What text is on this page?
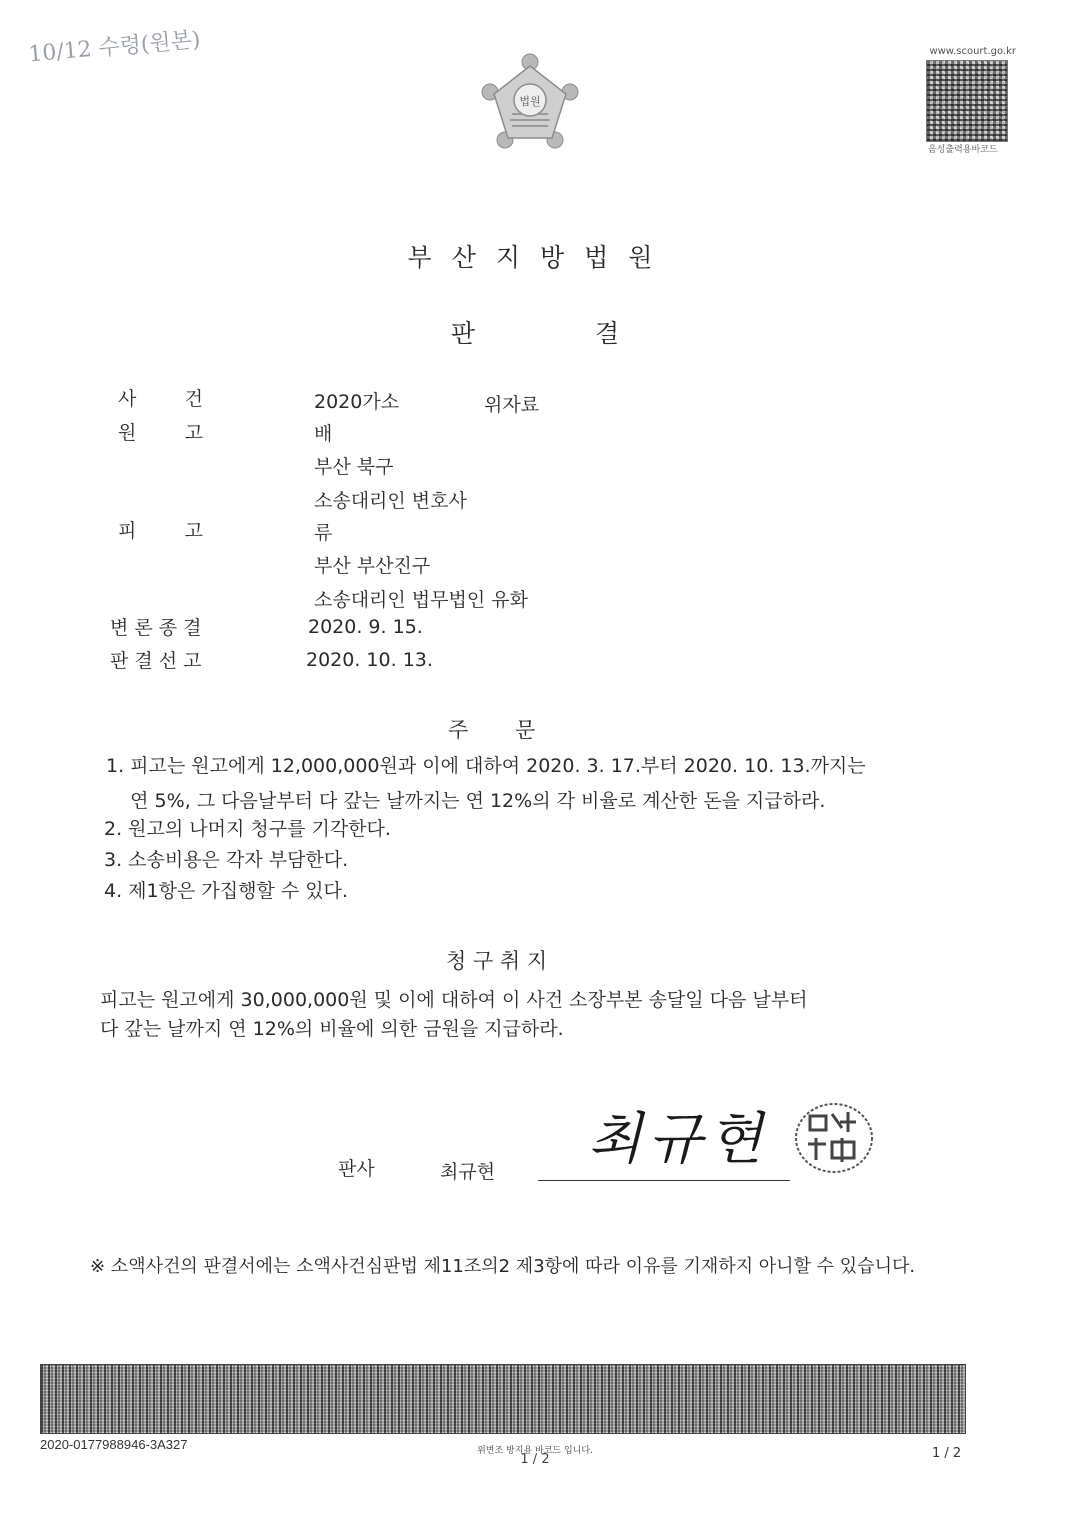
10/12 수령(원본)
법원
www.scourt.go.kr
음성출력용바코드
부산지방법원
판결
사        건	2020가소	위자료
원        고	배
부산 북구
소송대리인 변호사
피        고	류
부산 부산진구
소송대리인 법무법인 유화
변 론 종 결	2020. 9. 15.
판 결 선 고	2020. 10. 13.
주       문
1. 피고는 원고에게 12,000,000원과 이에 대하여 2020. 3. 17.부터 2020. 10. 13.까지는
연 5%, 그 다음날부터 다 갚는 날까지는 연 12%의 각 비율로 계산한 돈을 지급하라.
2. 원고의 나머지 청구를 기각한다.
3. 소송비용은 각자 부담한다.
4. 제1항은 가집행할 수 있다.
청 구 취 지
피고는 원고에게 30,000,000원 및 이에 대하여 이 사건 소장부본 송달일 다음 날부터
다 갚는 날까지 연 12%의 비율에 의한 금원을 지급하라.
판사	최규현 최규현
※ 소액사건의 판결서에는 소액사건심판법 제11조의2 제3항에 따라 이유를 기재하지 아니할 수 있습니다.
2020-0177988946-3A327	위변조 방지용 바코드 입니다.
1 / 2	1 / 2
